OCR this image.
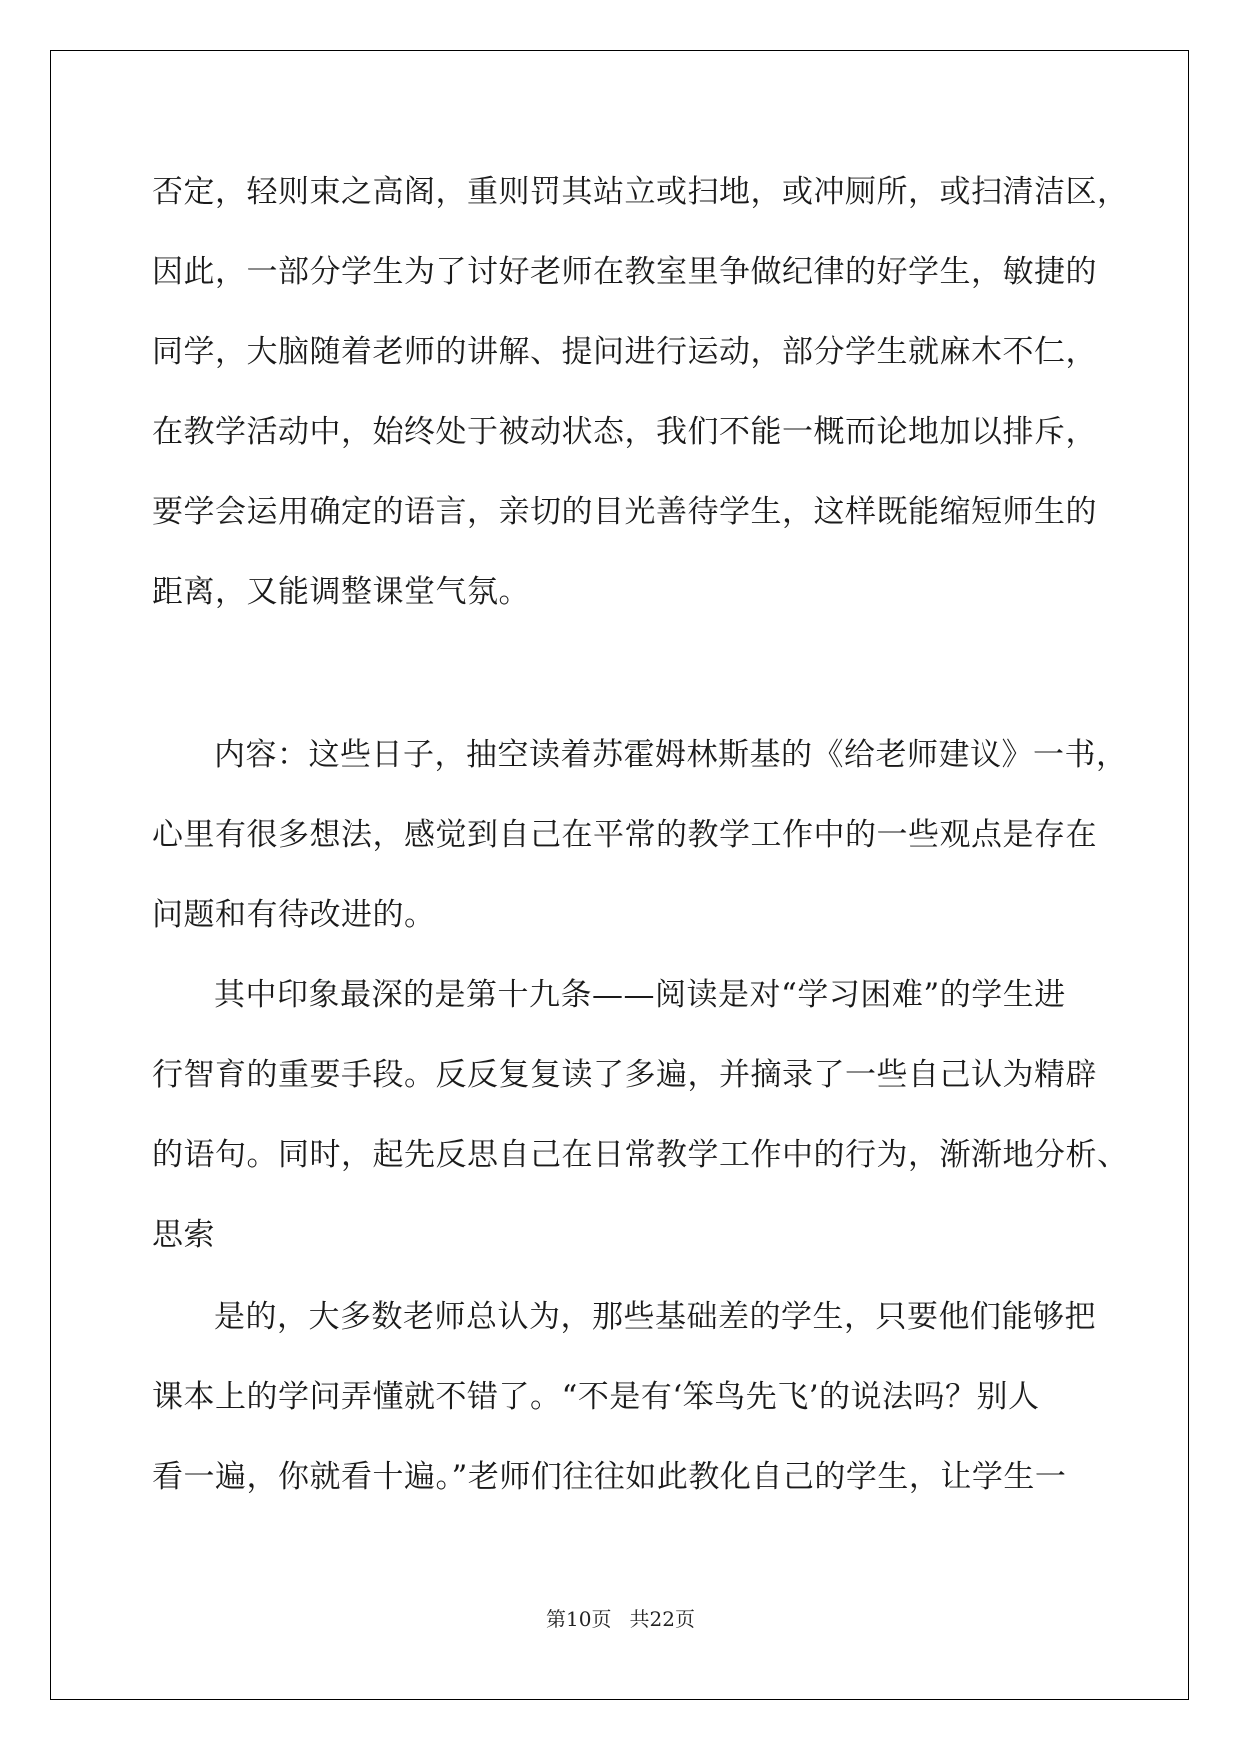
否定，轻则束之高阁，重则罚其站立或扫地，或冲厕所，或扫清洁区，
因此，一部分学生为了讨好老师在教室里争做纪律的好学生，敏捷的
同学，大脑随着老师的讲解、提问进行运动，部分学生就麻木不仁，
在教学活动中，始终处于被动状态，我们不能一概而论地加以排斥，
要学会运用确定的语言，亲切的目光善待学生，这样既能缩短师生的
距离，又能调整课堂气氛。
内容：这些日子，抽空读着苏霍姆林斯基的《给老师建议》一书，
心里有很多想法，感觉到自己在平常的教学工作中的一些观点是存在
问题和有待改进的。
其中印象最深的是第十九条——阅读是对“学习困难”的学生进
行智育的重要手段。反反复复读了多遍，并摘录了一些自己认为精辟
的语句。同时，起先反思自己在日常教学工作中的行为，渐渐地分析、
思索
是的，大多数老师总认为，那些基础差的学生，只要他们能够把
课本上的学问弄懂就不错了。“不是有‘笨鸟先飞’的说法吗？别人
看一遍，你就看十遍。”老师们往往如此教化自己的学生，让学生一
第10页 共22页
